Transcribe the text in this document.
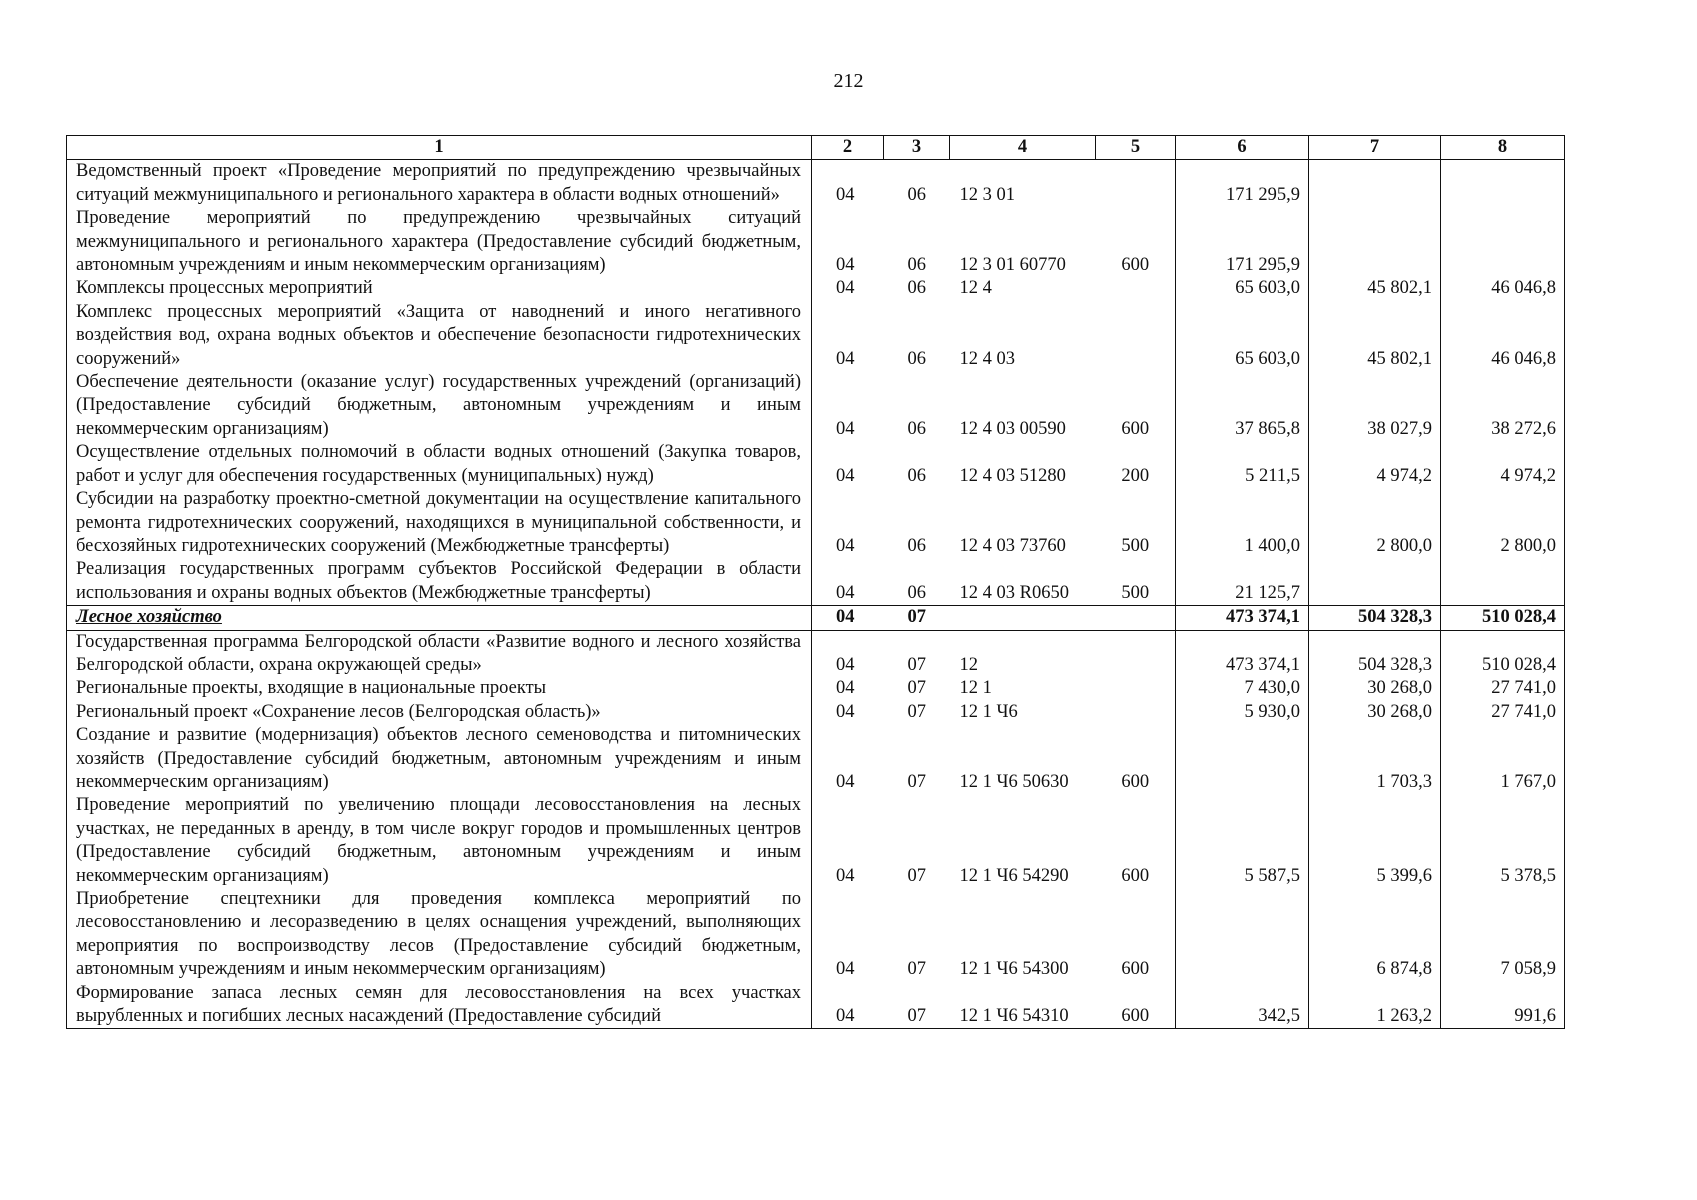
212
1	2	3	4	5	6	7	8
Ведомственный проект «Проведение мероприятий по предупреждению чрезвычайных ситуаций межмуниципального и регионального характера в области водных отношений»	04	06	12 3 01		171 295,9		
Проведение мероприятий по предупреждению чрезвычайных ситуаций межмуниципального и регионального характера (Предоставление субсидий бюджетным, автономным учреждениям и иным некоммерческим организациям)	04	06	12 3 01 60770	600	171 295,9		
Комплексы процессных мероприятий	04	06	12 4		65 603,0	45 802,1	46 046,8
Комплекс процессных мероприятий «Защита от наводнений и иного негативного воздействия вод, охрана водных объектов и обеспечение безопасности гидротехнических сооружений»	04	06	12 4 03		65 603,0	45 802,1	46 046,8
Обеспечение деятельности (оказание услуг) государственных учреждений (организаций) (Предоставление субсидий бюджетным, автономным учреждениям и иным некоммерческим организациям)	04	06	12 4 03 00590	600	37 865,8	38 027,9	38 272,6
Осуществление отдельных полномочий в области водных отношений (Закупка товаров, работ и услуг для обеспечения государственных (муниципальных) нужд)	04	06	12 4 03 51280	200	5 211,5	4 974,2	4 974,2
Субсидии на разработку проектно-сметной документации на осуществление капитального ремонта гидротехнических сооружений, находящихся в муниципальной собственности, и бесхозяйных гидротехнических сооружений (Межбюджетные трансферты)	04	06	12 4 03 73760	500	1 400,0	2 800,0	2 800,0
Реализация государственных программ субъектов Российской Федерации в области использования и охраны водных объектов (Межбюджетные трансферты)	04	06	12 4 03 R0650	500	21 125,7		
Лесное хозяйство	04	07			473 374,1	504 328,3	510 028,4
Государственная программа Белгородской области «Развитие водного и лесного хозяйства Белгородской области, охрана окружающей среды»	04	07	12		473 374,1	504 328,3	510 028,4
Региональные проекты, входящие в национальные проекты	04	07	12 1		7 430,0	30 268,0	27 741,0
Региональный проект «Сохранение лесов (Белгородская область)»	04	07	12 1 Ч6		5 930,0	30 268,0	27 741,0
Создание и развитие (модернизация) объектов лесного семеноводства и питомнических хозяйств (Предоставление субсидий бюджетным, автономным учреждениям и иным некоммерческим организациям)	04	07	12 1 Ч6 50630	600		1 703,3	1 767,0
Проведение мероприятий по увеличению площади лесовосстановления на лесных участках, не переданных в аренду, в том числе вокруг городов и промышленных центров (Предоставление субсидий бюджетным, автономным учреждениям и иным некоммерческим организациям)	04	07	12 1 Ч6 54290	600	5 587,5	5 399,6	5 378,5
Приобретение спецтехники для проведения комплекса мероприятий по лесовосстановлению и лесоразведению в целях оснащения учреждений, выполняющих мероприятия по воспроизводству лесов (Предоставление субсидий бюджетным, автономным учреждениям и иным некоммерческим организациям)	04	07	12 1 Ч6 54300	600		6 874,8	7 058,9
Формирование запаса лесных семян для лесовосстановления на всех участках вырубленных и погибших лесных насаждений (Предоставление субсидий	04	07	12 1 Ч6 54310	600	342,5	1 263,2	991,6
